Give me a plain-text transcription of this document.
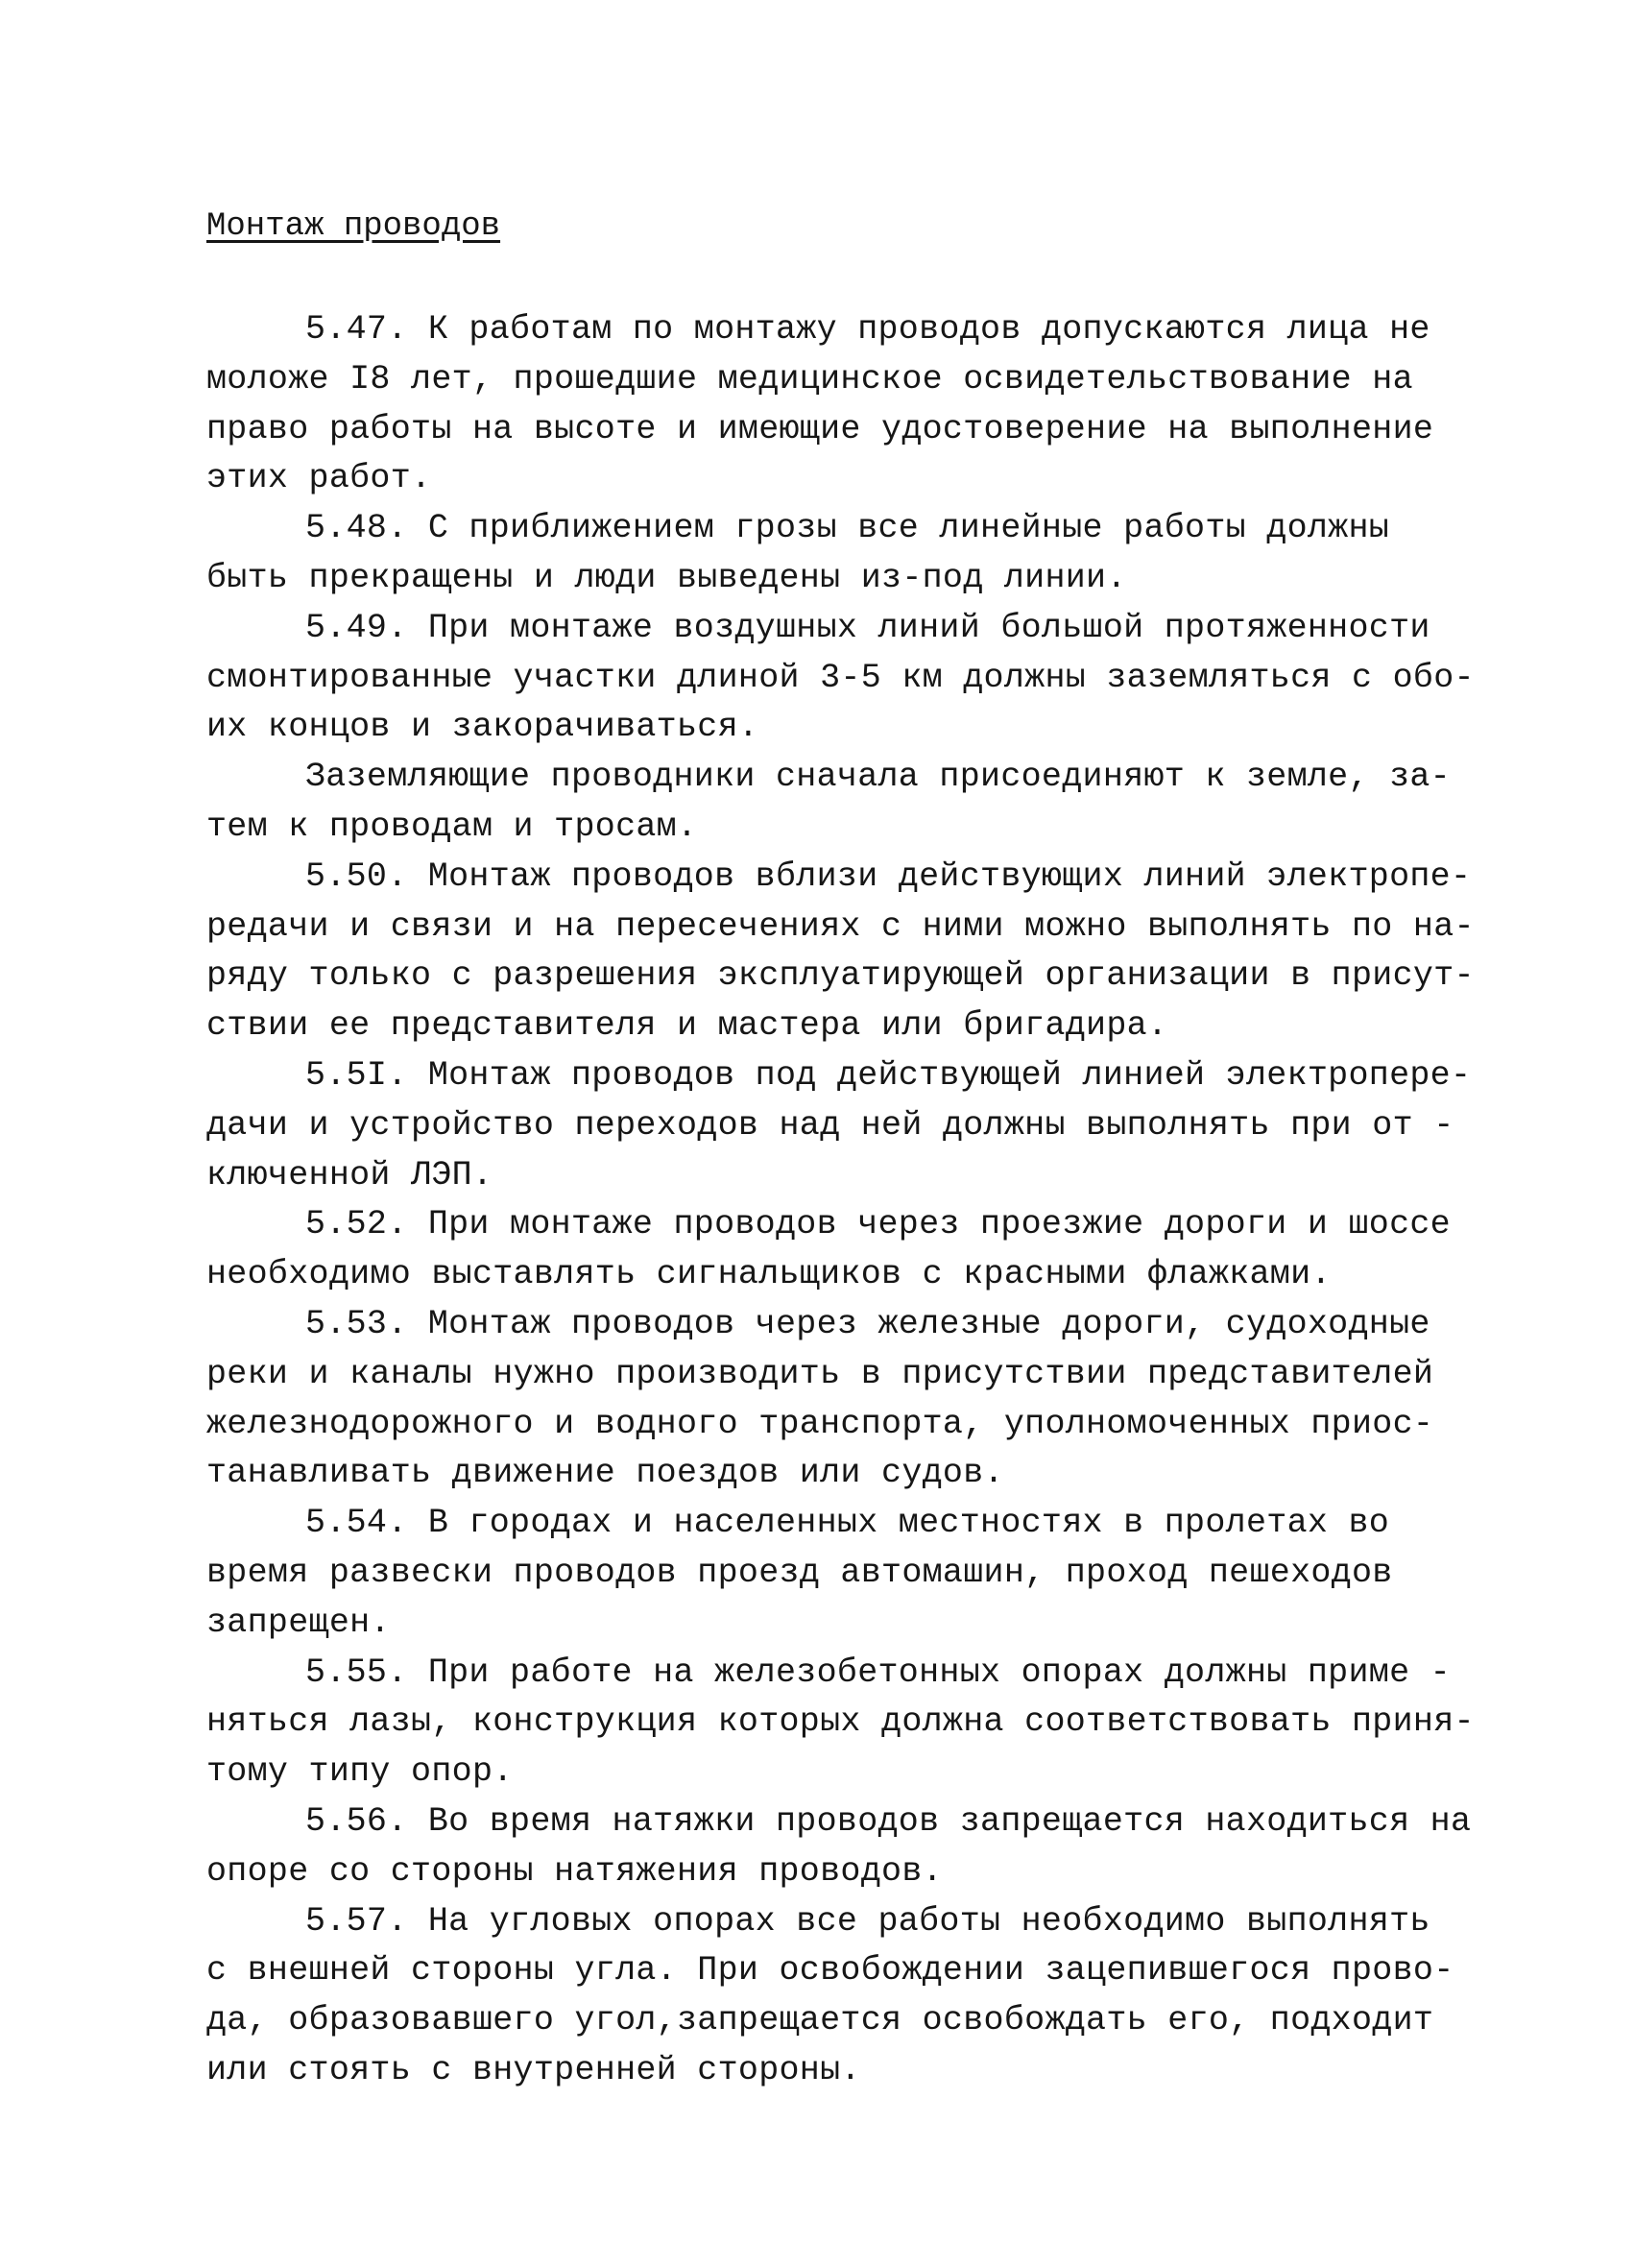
Монтаж проводов
5.47. К работам по монтажу проводов допускаются лица не
моложе I8 лет, прошедшие медицинское освидетельствование на
право работы на высоте и имеющие удостоверение на выполнение
этих работ.
5.48. С приближением грозы все линейные работы должны
быть прекращены и люди выведены из-под линии.
5.49. При монтаже воздушных линий большой протяженности
смонтированные участки длиной 3-5 км должны заземляться с обо-
их концов и закорачиваться.
Заземляющие проводники сначала присоединяют к земле, за-
тем к проводам и тросам.
5.50. Монтаж проводов вблизи действующих линий электропе-
редачи и связи и на пересечениях с ними можно выполнять по на-
ряду только с разрешения эксплуатирующей организации в присут-
ствии ее представителя и мастера или бригадира.
5.5I. Монтаж проводов под действующей линией электропере-
дачи и устройство переходов над ней должны выполнять при от -
ключенной ЛЭП.
5.52. При монтаже проводов через проезжие дороги и шоссе
необходимо выставлять сигнальщиков с красными флажками.
5.53. Монтаж проводов через железные дороги, судоходные
реки и каналы нужно производить в присутствии представителей
железнодорожного и водного транспорта, уполномоченных приос-
танавливать движение поездов или судов.
5.54. В городах и населенных местностях в пролетах во
время развески проводов проезд автомашин, проход пешеходов
запрещен.
5.55. При работе на железобетонных опорах должны приме -
няться лазы, конструкция которых должна соответствовать приня-
тому типу опор.
5.56. Во время натяжки проводов запрещается находиться на
опоре со стороны натяжения проводов.
5.57. На угловых опорах все работы необходимо выполнять
с внешней стороны угла. При освобождении зацепившегося прово-
да, образовавшего угол,запрещается освобождать его, подходит
или стоять с внутренней стороны.
